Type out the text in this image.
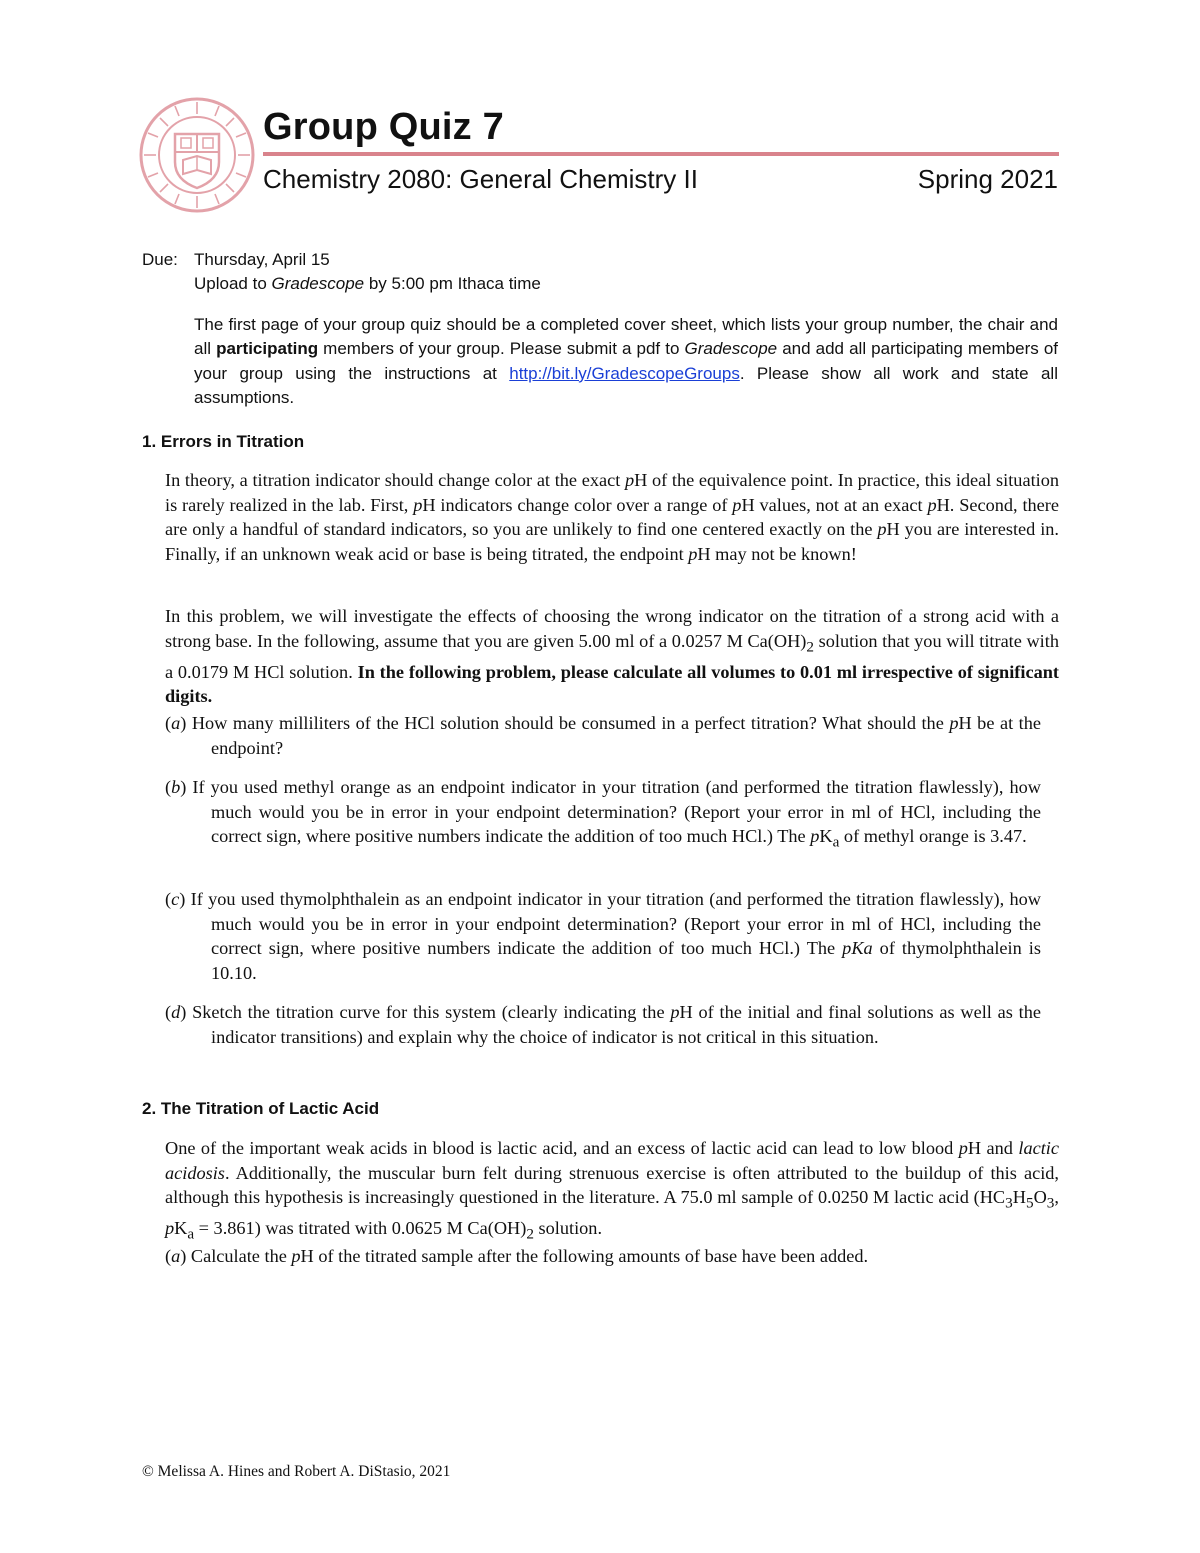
Group Quiz 7
Chemistry 2080: General Chemistry II	Spring 2021
Due: Thursday, April 15
Upload to Gradescope by 5:00 pm Ithaca time
The first page of your group quiz should be a completed cover sheet, which lists your group number, the chair and all participating members of your group. Please submit a pdf to Gradescope and add all participating members of your group using the instructions at http://bit.ly/GradescopeGroups. Please show all work and state all assumptions.
1. Errors in Titration
In theory, a titration indicator should change color at the exact pH of the equivalence point. In practice, this ideal situation is rarely realized in the lab. First, pH indicators change color over a range of pH values, not at an exact pH. Second, there are only a handful of standard indicators, so you are unlikely to find one centered exactly on the pH you are interested in. Finally, if an unknown weak acid or base is being titrated, the endpoint pH may not be known!
In this problem, we will investigate the effects of choosing the wrong indicator on the titration of a strong acid with a strong base. In the following, assume that you are given 5.00 ml of a 0.0257 M $Ca(OH)_2$ solution that you will titrate with a 0.0179 M HCl solution. In the following problem, please calculate all volumes to 0.01 ml irrespective of significant digits.
(a) How many milliliters of the HCl solution should be consumed in a perfect titration? What should the pH be at the endpoint?
(b) If you used methyl orange as an endpoint indicator in your titration (and performed the titration flawlessly), how much would you be in error in your endpoint determination? (Report your error in ml of HCl, including the correct sign, where positive numbers indicate the addition of too much HCl.) The $pK_a$ of methyl orange is 3.47.
(c) If you used thymolphthalein as an endpoint indicator in your titration (and performed the titration flawlessly), how much would you be in error in your endpoint determination? (Report your error in ml of HCl, including the correct sign, where positive numbers indicate the addition of too much HCl.) The pKa of thymolphthalein is 10.10.
(d) Sketch the titration curve for this system (clearly indicating the pH of the initial and final solutions as well as the indicator transitions) and explain why the choice of indicator is not critical in this situation.
2. The Titration of Lactic Acid
One of the important weak acids in blood is lactic acid, and an excess of lactic acid can lead to low blood pH and lactic acidosis. Additionally, the muscular burn felt during strenuous exercise is often attributed to the buildup of this acid, although this hypothesis is increasingly questioned in the literature. A 75.0 ml sample of 0.0250 M lactic acid ($HC_3H_5O_3$, $pK_a = 3.861$) was titrated with 0.0625 M $Ca(OH)_2$ solution.
(a) Calculate the pH of the titrated sample after the following amounts of base have been added.
© Melissa A. Hines and Robert A. DiStasio, 2021
